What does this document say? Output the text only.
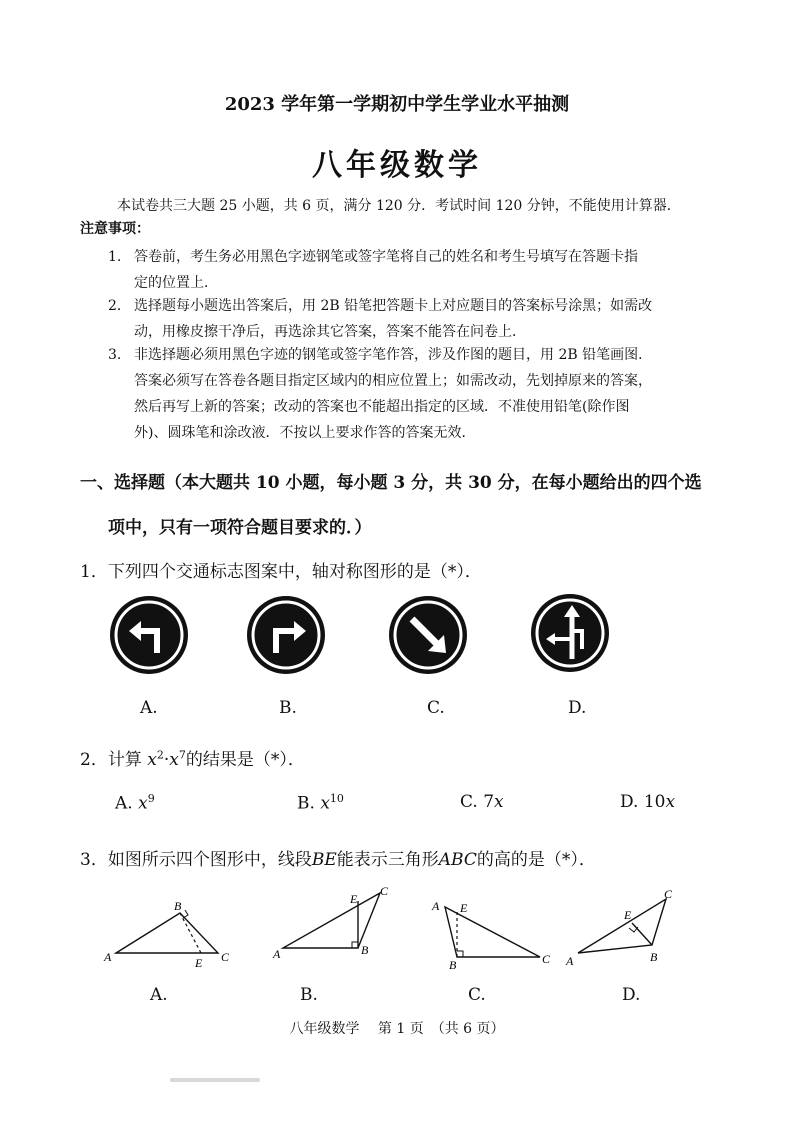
2023 学年第一学期初中学生学业水平抽测
八年级数学
本试卷共三大题 25 小题，共 6 页，满分 120 分．考试时间 120 分钟，不能使用计算器．
注意事项：
1. 答卷前，考生务必用黑色字迹钢笔或签字笔将自己的姓名和考生号填写在答题卡指
定的位置上．
2. 选择题每小题选出答案后，用 2B 铅笔把答题卡上对应题目的答案标号涂黑；如需改
动，用橡皮擦干净后，再选涂其它答案，答案不能答在问卷上．
3. 非选择题必须用黑色字迹的钢笔或签字笔作答，涉及作图的题目，用 2B 铅笔画图．
答案必须写在答卷各题目指定区域内的相应位置上；如需改动，先划掉原来的答案，
然后再写上新的答案；改动的答案也不能超出指定的区域．不准使用铅笔(除作图
外)、圆珠笔和涂改液．不按以上要求作答的答案无效．
一、选择题（本大题共 10 小题，每小题 3 分，共 30 分，在每小题给出的四个选
项中，只有一项符合题目要求的．）
1．下列四个交通标志图案中，轴对称图形的是（*）．
A.	B.	C.	D.
2．计算 $x^2\cdot x^7$的结果是（*）．
A. $x^9$	B. $x^{10}$	C. 7x	D. 10x
3．如图所示四个图形中，线段BE能表示三角形ABC的高的是（*）．
A
B
C
E
A	B
C
E	A
B	C
E
A	B
C
E
A.	B.	C.	D.
八年级数学　 第 1 页　（共 6 页）
